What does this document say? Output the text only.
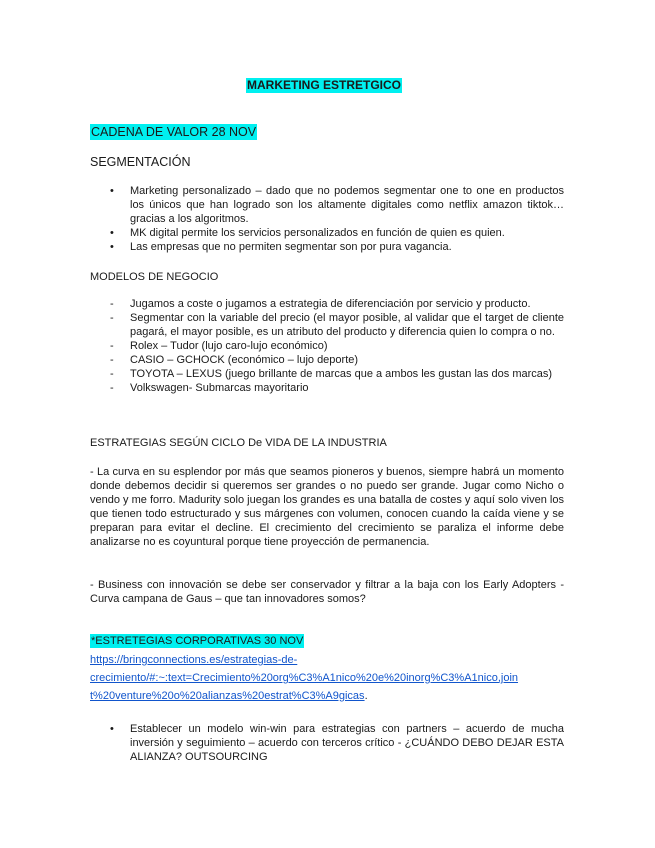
MARKETING ESTRETGICO
CADENA DE VALOR 28 NOV
SEGMENTACIÓN
• Marketing personalizado – dado que no podemos segmentar one to one en productos los únicos que han logrado son los altamente digitales como netflix amazon tiktok… gracias a los algoritmos.
• MK digital permite los servicios personalizados en función de quien es quien.
• Las empresas que no permiten segmentar son por pura vagancia.
MODELOS DE NEGOCIO
- Jugamos a coste o jugamos a estrategia de diferenciación por servicio y producto.
- Segmentar con la variable del precio (el mayor posible, al validar que el target de cliente pagará, el mayor posible, es un atributo del producto y diferencia quien lo compra o no.
- Rolex – Tudor (lujo caro-lujo económico)
- CASIO – GCHOCK (económico – lujo deporte)
- TOYOTA – LEXUS (juego brillante de marcas que a ambos les gustan las dos marcas)
- Volkswagen- Submarcas mayoritario
ESTRATEGIAS SEGÚN CICLO De VIDA DE LA INDUSTRIA

- La curva en su esplendor por más que seamos pioneros y buenos, siempre habrá un momento donde debemos decidir si queremos ser grandes o no puedo ser grande. Jugar como Nicho o vendo y me forro. Madurity solo juegan los grandes es una batalla de costes y aquí solo viven los que tienen todo estructurado y sus márgenes con volumen, conocen cuando la caída viene y se preparan para evitar el decline. El crecimiento del crecimiento se paraliza el informe debe analizarse no es coyuntural porque tiene proyección de permanencia.

- Business con innovación se debe ser conservador y filtrar a la baja con los Early Adopters - Curva campana de Gaus – que tan innovadores somos?

*ESTRETEGIAS CORPORATIVAS 30 NOV
https://bringconnections.es/estrategias-de-
crecimiento/#:~:text=Crecimiento%20org%C3%A1nico%20e%20inorg%C3%A1nico,join
t%20venture%20o%20alianzas%20estrat%C3%A9gicas.
• Establecer un modelo win-win para estrategias con partners – acuerdo de mucha inversión y seguimiento – acuerdo con terceros crítico - ¿CUÁNDO DEBO DEJAR ESTA ALIANZA? OUTSOURCING
